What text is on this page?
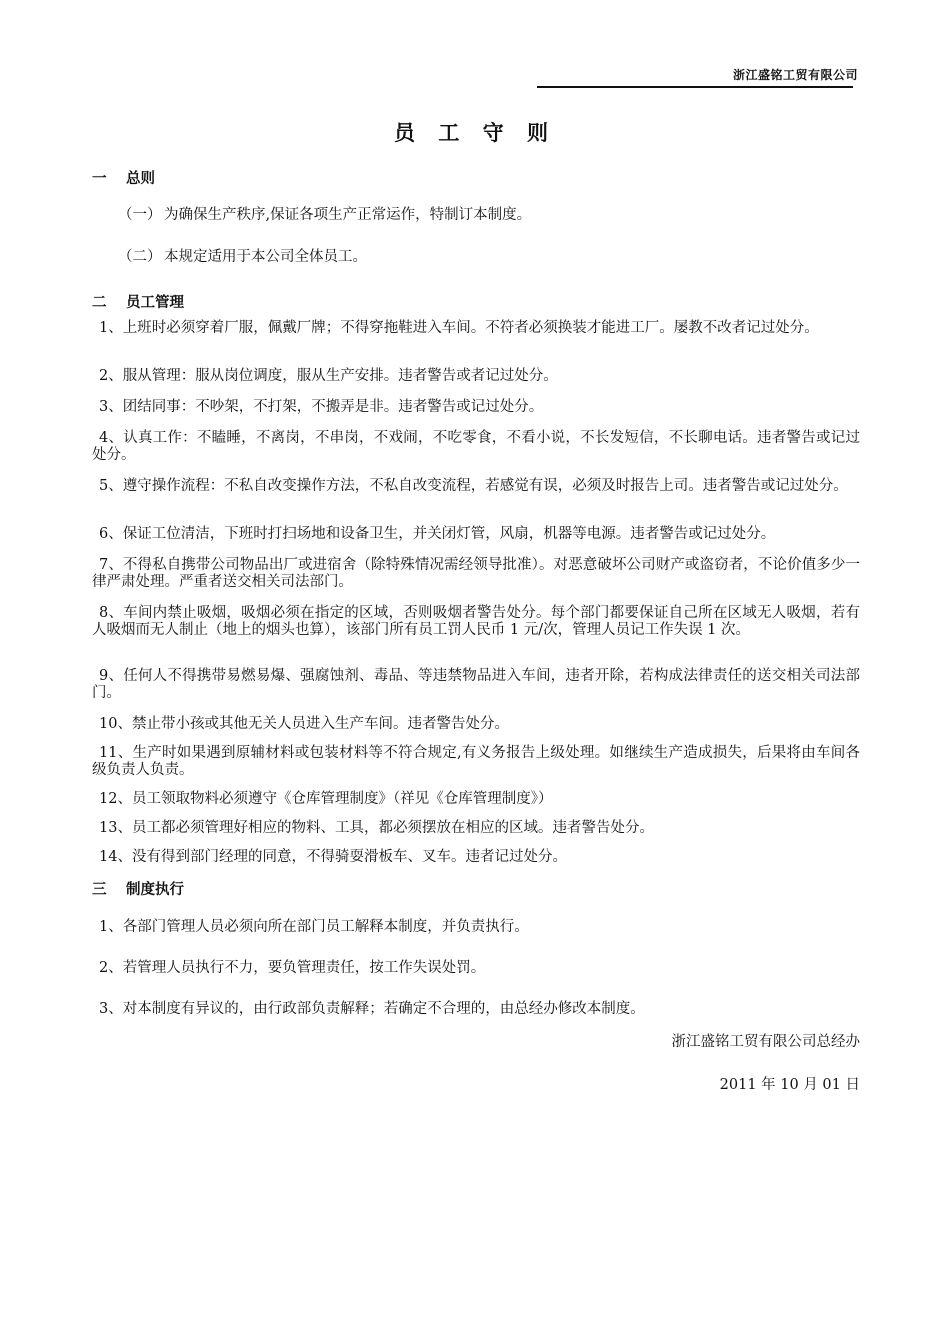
浙江盛铭工贸有限公司
员 工 守 则
一 总则
（一） 为确保生产秩序,保证各项生产正常运作，特制订本制度。
（二） 本规定适用于本公司全体员工。
二 员工管理
1、上班时必须穿着厂服，佩戴厂牌；不得穿拖鞋进入车间。不符者必须换装才能进工厂。屡教不改者记过处分。
2、服从管理：服从岗位调度，服从生产安排。违者警告或者记过处分。
3、团结同事：不吵架，不打架，不搬弄是非。违者警告或记过处分。
4、认真工作：不瞌睡，不离岗，不串岗，不戏闹，不吃零食，不看小说，不长发短信，不长聊电话。违者警告或记过处分。
5、遵守操作流程：不私自改变操作方法，不私自改变流程，若感觉有误，必须及时报告上司。违者警告或记过处分。
6、保证工位清洁，下班时打扫场地和设备卫生，并关闭灯管，风扇，机器等电源。违者警告或记过处分。
7、不得私自携带公司物品出厂或进宿舍（除特殊情况需经领导批准）。对恶意破坏公司财产或盗窃者，不论价值多少一律严肃处理。严重者送交相关司法部门。
8、车间内禁止吸烟，吸烟必须在指定的区域，否则吸烟者警告处分。每个部门都要保证自己所在区域无人吸烟，若有人吸烟而无人制止（地上的烟头也算），该部门所有员工罚人民币 1 元/次，管理人员记工作失误 1 次。
9、任何人不得携带易燃易爆、强腐蚀剂、毒品、等违禁物品进入车间，违者开除，若构成法律责任的送交相关司法部门。
10、禁止带小孩或其他无关人员进入生产车间。违者警告处分。
11、生产时如果遇到原辅材料或包装材料等不符合规定,有义务报告上级处理。如继续生产造成损失，后果将由车间各级负责人负责。
12、员工领取物料必须遵守《仓库管理制度》（祥见《仓库管理制度》）
13、员工都必须管理好相应的物料、工具，都必须摆放在相应的区域。违者警告处分。
14、没有得到部门经理的同意，不得骑耍滑板车、叉车。违者记过处分。
三 制度执行
1、各部门管理人员必须向所在部门员工解释本制度，并负责执行。
2、若管理人员执行不力，要负管理责任，按工作失误处罚。
3、对本制度有异议的，由行政部负责解释；若确定不合理的，由总经办修改本制度。
浙江盛铭工贸有限公司总经办
2011 年 10 月 01 日
